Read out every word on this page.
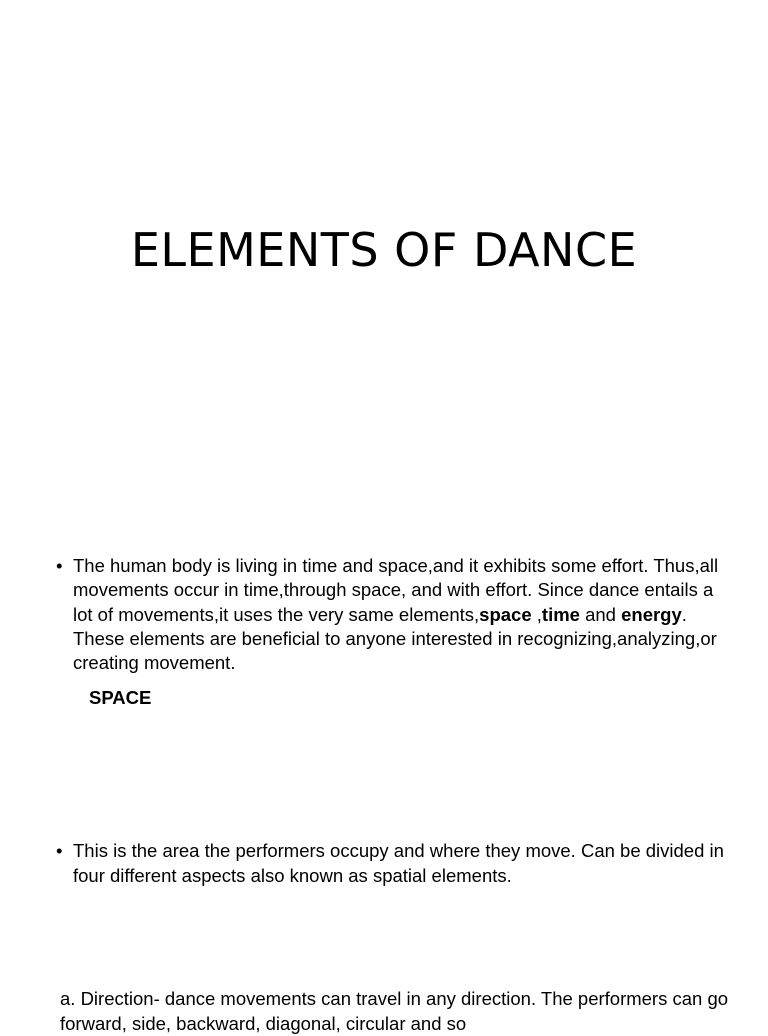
ELEMENTS OF DANCE
• The human body is living in time and space,and it exhibits some effort. Thus,all movements occur in time,through space, and with effort. Since dance entails a lot of movements,it uses the very same elements,space ,time and energy. These elements are beneficial to anyone interested in recognizing,analyzing,or creating movement.
SPACE
• This is the area the performers occupy and where they move. Can be divided in four different aspects also known as spatial elements.
a. Direction- dance movements can travel in any direction. The performers can go forward, side, backward, diagonal, circular and so
